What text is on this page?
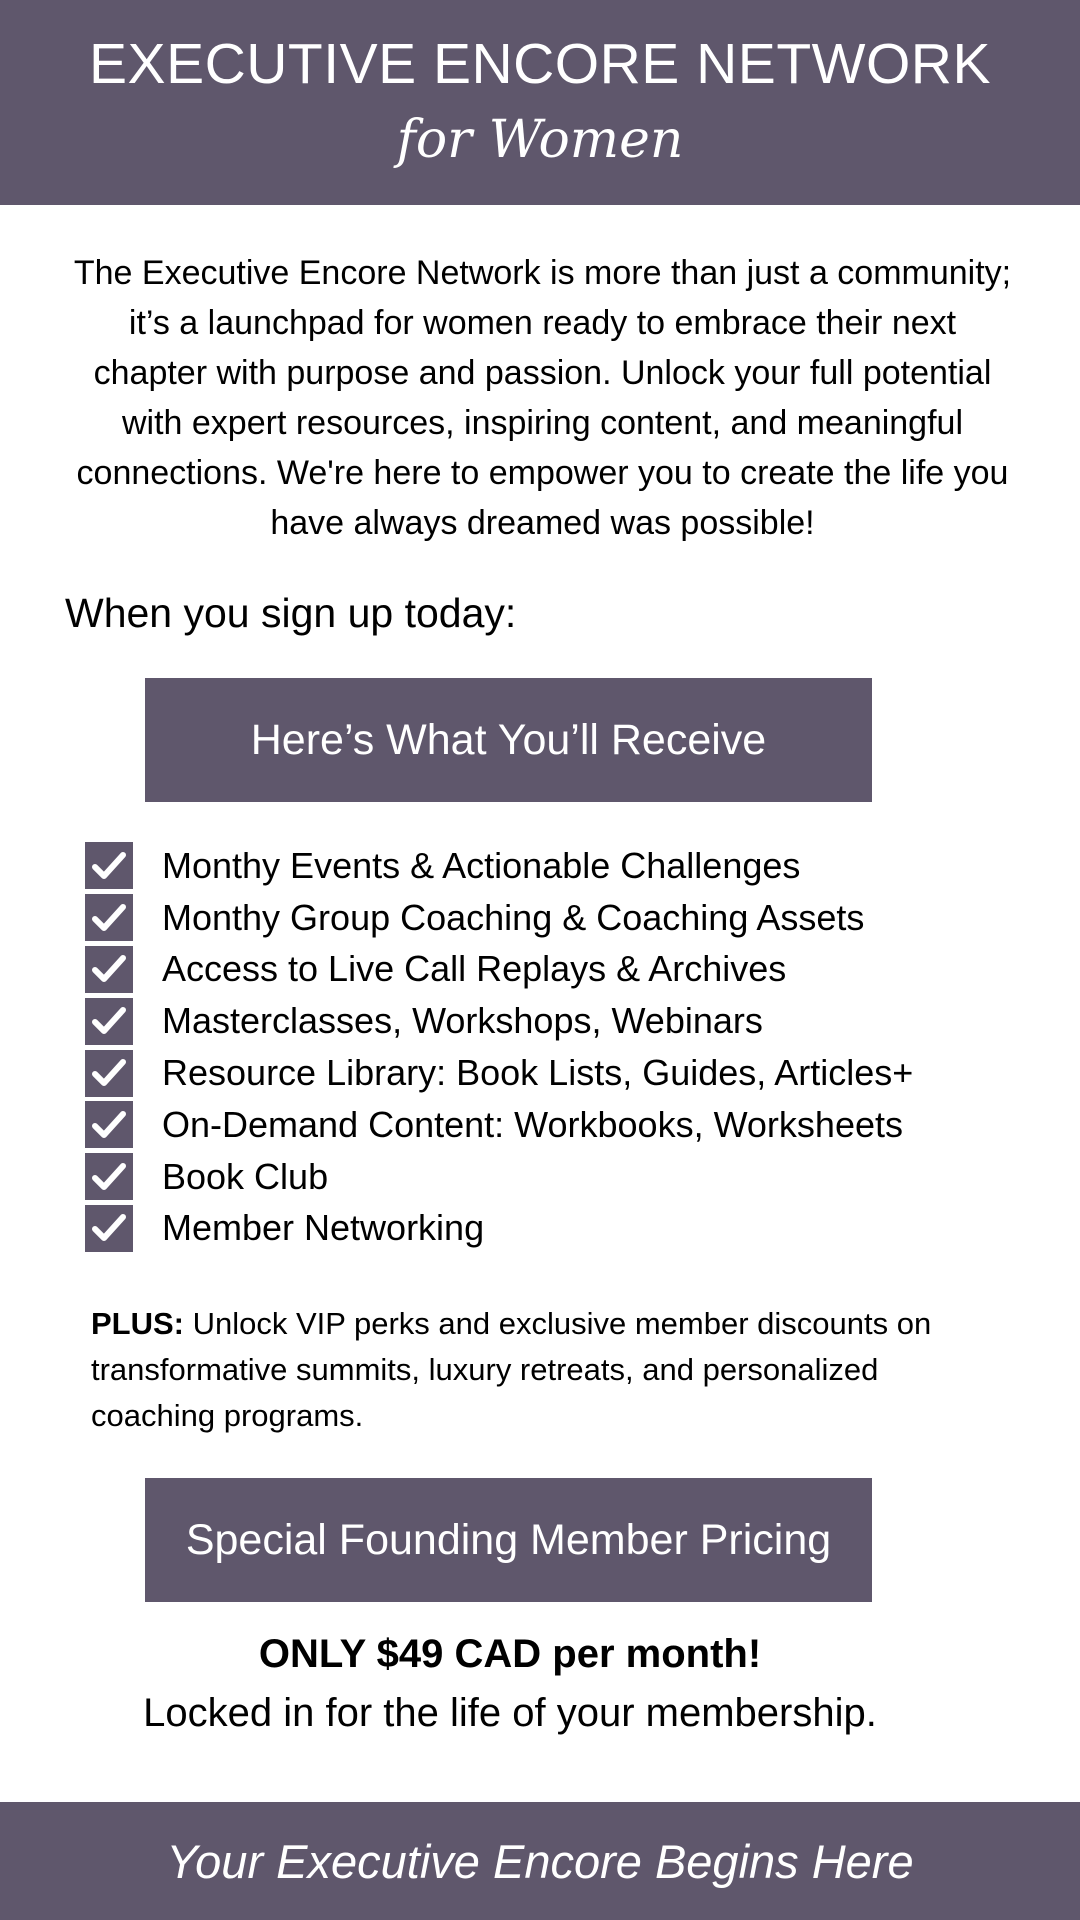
EXECUTIVE ENCORE NETWORK
for Women

The Executive Encore Network is more than just a community; it’s a launchpad for women ready to embrace their next chapter with purpose and passion. Unlock your full potential with expert resources, inspiring content, and meaningful connections. We're here to empower you to create the life you have always dreamed was possible!

When you sign up today:
Here’s What You’ll Receive
Monthy Events & Actionable Challenges
Monthy Group Coaching & Coaching Assets
Access to Live Call Replays & Archives
Masterclasses, Workshops, Webinars
Resource Library: Book Lists, Guides, Articles+
On-Demand Content: Workbooks, Worksheets
Book Club
Member Networking

PLUS: Unlock VIP perks and exclusive member discounts on transformative summits, luxury retreats, and personalized coaching programs.

Special Founding Member Pricing
ONLY $49 CAD per month!
Locked in for the life of your membership.
Your Executive Encore Begins Here
